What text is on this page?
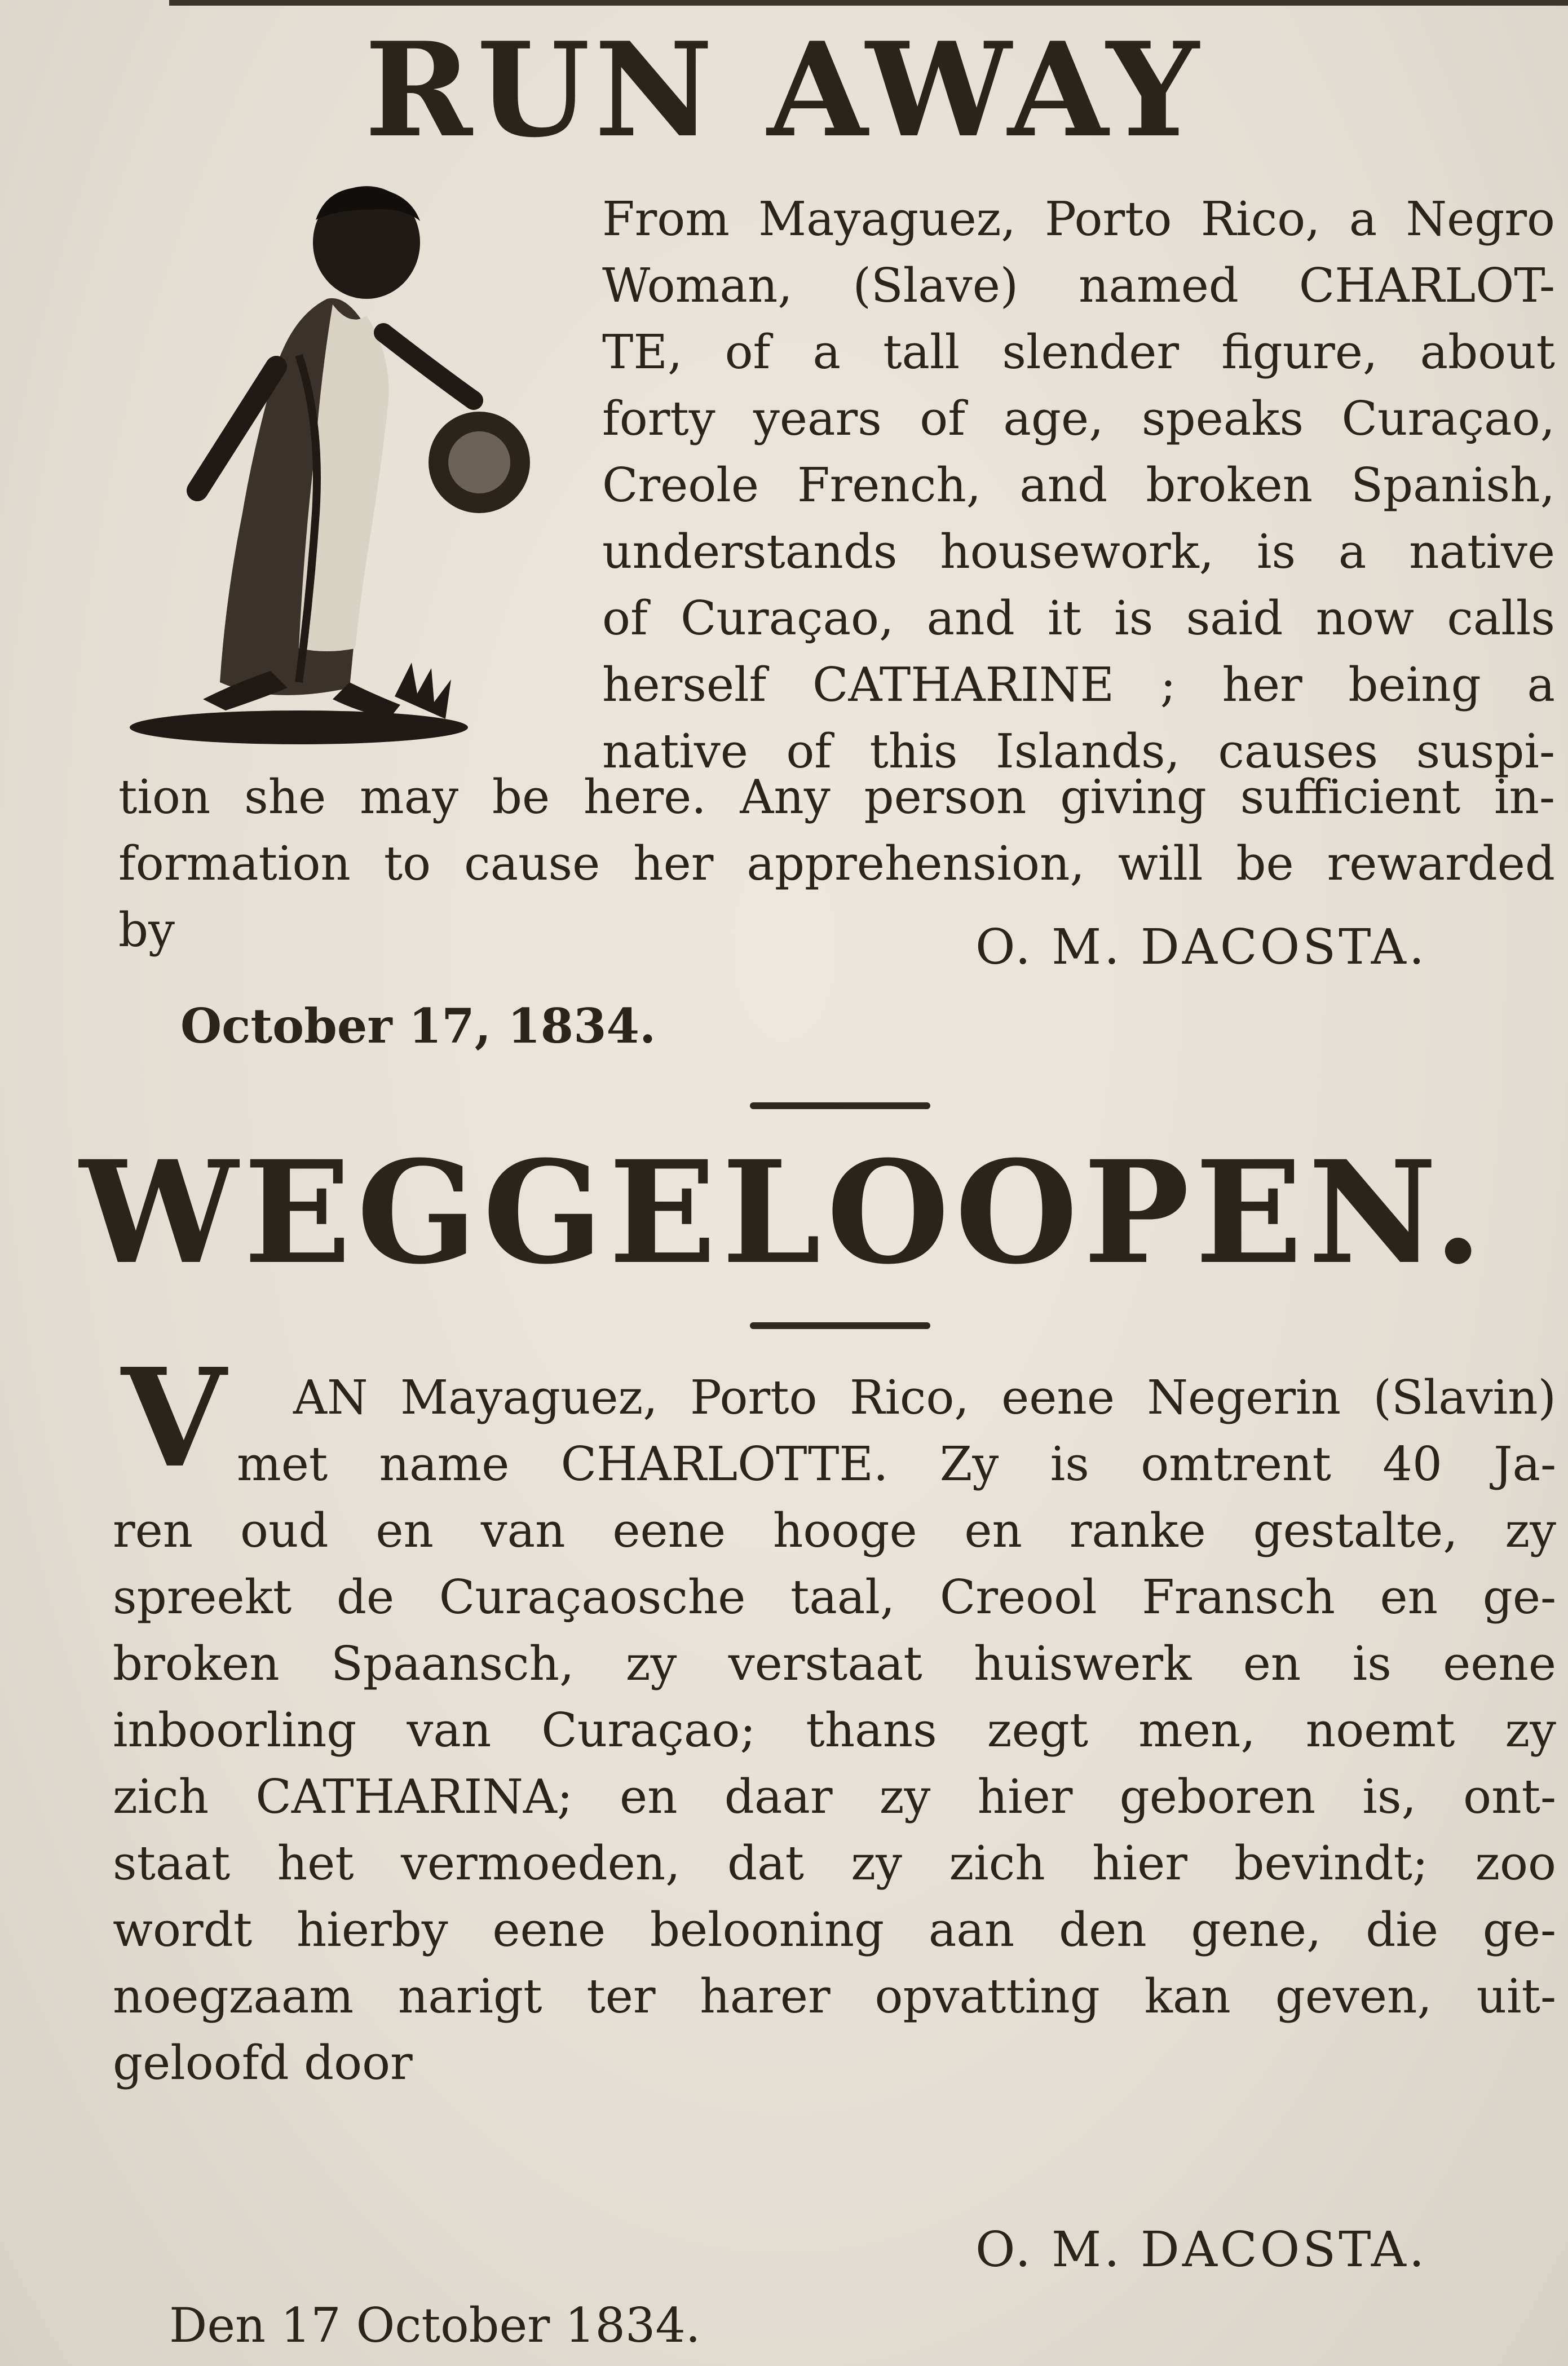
RUN AWAY
From Mayaguez, Porto Rico, a Negro
Woman, (Slave) named CHARLOT-
TE, of a tall slender figure, about
forty years of age, speaks Curaçao,
Creole French, and broken Spanish,
understands housework, is a native
of Curaçao, and it is said now calls
herself CATHARINE ; her being a
native of this Islands, causes suspi-
tion she may be here. Any person giving sufficient in-
formation to cause her apprehension, will be rewarded
by	O. M. DACOSTA.
October 17, 1834.
WEGGELOOPEN.
V AN Mayaguez, Porto Rico, eene Negerin (Slavin)
met name CHARLOTTE. Zy is omtrent 40 Ja-
ren oud en van eene hooge en ranke gestalte, zy
spreekt de Curaçaosche taal, Creool Fransch en ge-
broken Spaansch, zy verstaat huiswerk en is eene
inboorling van Curaçao; thans zegt men, noemt zy
zich CATHARINA; en daar zy hier geboren is, ont-
staat het vermoeden, dat zy zich hier bevindt; zoo
wordt hierby eene belooning aan den gene, die ge-
noegzaam narigt ter harer opvatting kan geven, uit-
geloofd door
O. M. DACOSTA.
Den 17 October 1834.
